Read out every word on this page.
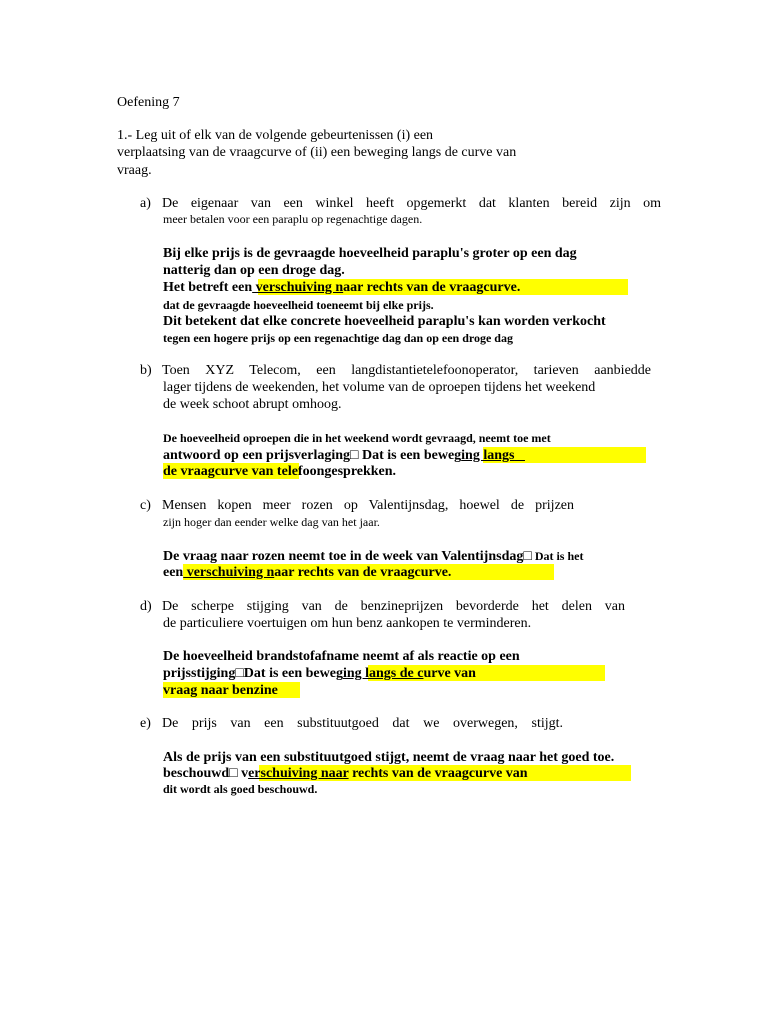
Oefening 7
1.- Leg uit of elk van de volgende gebeurtenissen (i) een
verplaatsing van de vraagcurve of (ii) een beweging langs de curve van
vraag.
a) De eigenaar van een winkel heeft opgemerkt dat klanten bereid zijn om
meer betalen voor een paraplu op regenachtige dagen.
Bij elke prijs is de gevraagde hoeveelheid paraplu's groter op een dag
natterig dan op een droge dag.
Het betreft een verschuiving naar rechts van de vraagcurve.
dat de gevraagde hoeveelheid toeneemt bij elke prijs.
Dit betekent dat elke concrete hoeveelheid paraplu's kan worden verkocht
tegen een hogere prijs op een regenachtige dag dan op een droge dag
b) Toen XYZ Telecom, een langdistantietelefoonoperator, tarieven aanbiedde
lager tijdens de weekenden, het volume van de oproepen tijdens het weekend
de week schoot abrupt omhoog.
De hoeveelheid oproepen die in het weekend wordt gevraagd, neemt toe met
antwoord op een prijsverlaging□ Dat is een beweging langs
de vraagcurve van telefoongesprekken.
c) Mensen kopen meer rozen op Valentijnsdag, hoewel de prijzen
zijn hoger dan eender welke dag van het jaar.
De vraag naar rozen neemt toe in de week van Valentijnsdag□ Dat is het
een verschuiving naar rechts van de vraagcurve.
d) De scherpe stijging van de benzineprijzen bevorderde het delen van
de particuliere voertuigen om hun benz aankopen te verminderen.
De hoeveelheid brandstofafname neemt af als reactie op een
prijsstijging□Dat is een beweging langs de curve van
vraag naar benzine
e) De prijs van een substituutgoed dat we overwegen, stijgt.
Als de prijs van een substituutgoed stijgt, neemt de vraag naar het goed toe.
beschouwd□ verschuiving naar rechts van de vraagcurve van
dit wordt als goed beschouwd.
